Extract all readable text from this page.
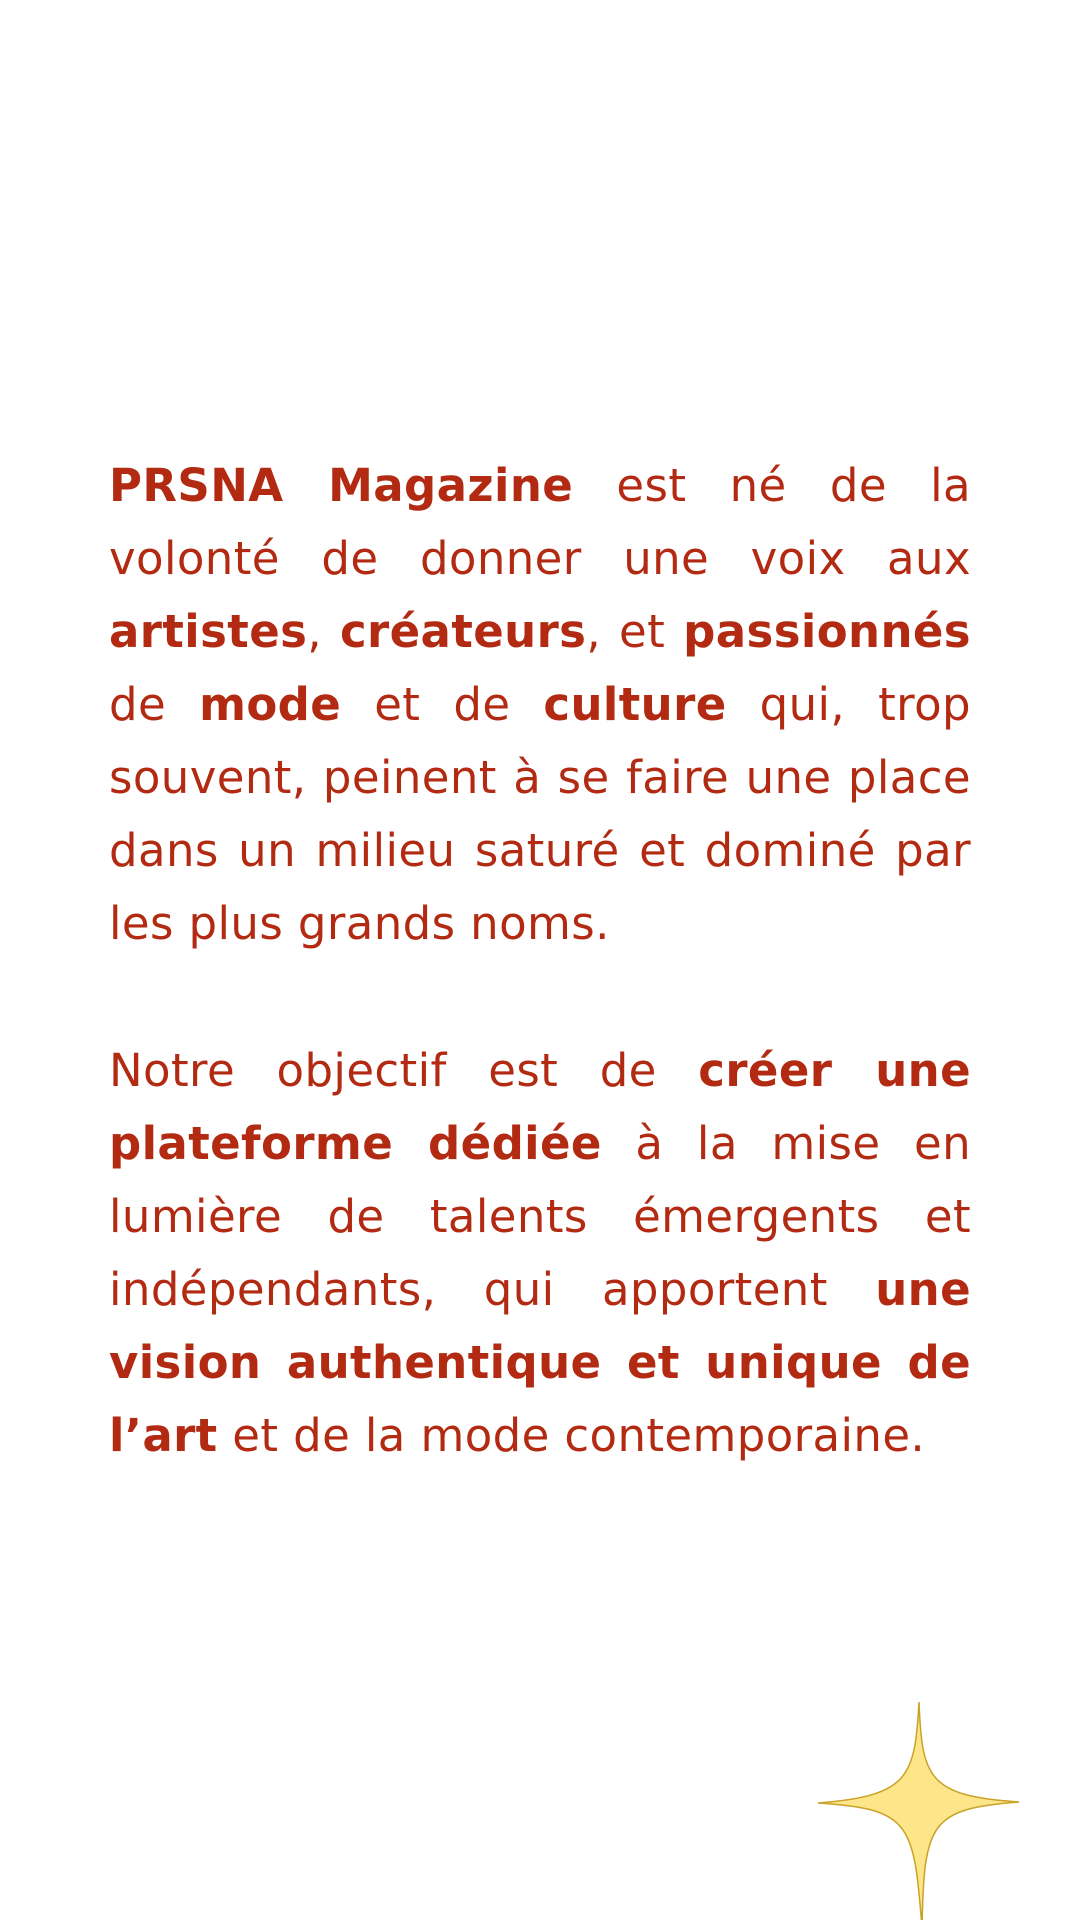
PRSNA Magazine est né de la volonté de donner une voix aux artistes, créateurs, et passionnés de mode et de culture qui, trop souvent, peinent à se faire une place dans un milieu saturé et dominé par les plus grands noms.

Notre objectif est de créer une plateforme dédiée à la mise en lumière de talents émergents et indépendants, qui apportent une vision authentique et unique de l’art et de la mode contemporaine.
